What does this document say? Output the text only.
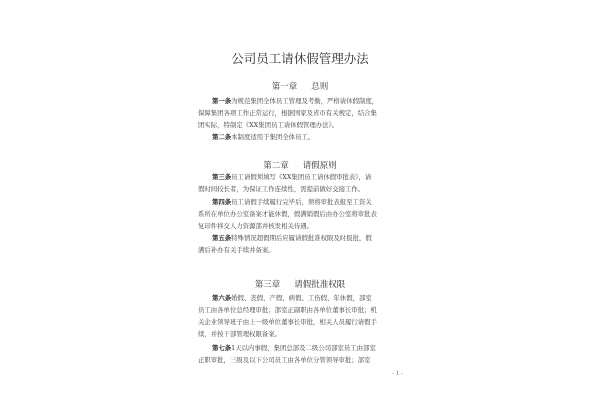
公司员工请休假管理办法
第一章 总则
第一条为规范集团全体员工管理及考勤，严格请休假制度，
保障集团各项工作正常运行，根据国家及省市有关规定，结合集
团实际，特制定《XX集团员工请休假管理办法》。
第二条本制度适用于集团全体员工。
第二章 请假原则
第三条员工请假须填写《XX集团员工请休假审批表》，请
假时间较长者，为保证工作连续性，需提前做好交接工作。
第四条员工请假手续履行完毕后，须将审批表报至工资关
系所在单位办公室备案才能休假，假满销假后由办公室将审批表
复印件移交人力资源部并核发相关待遇。
第五条特殊情况超假期后应履请假批准权限及时报批，假
满后补办有关手续并备案。
第三章 请假批准权限
第六条婚假、丧假、产假、病假、工伤假、年休假，部室
员工由各单位总经理审批；部室正副职由各单位董事长审批；机
关企业领导班子由上一级单位董事长审批，相关人员履行请假手
续，并按干部管理权限备案。
第七条1天以内事假，集团总部及二级公司部室员工由部室
正职审批，三级及以下公司员工由各单位分管领导审批；部室
- 1 -
